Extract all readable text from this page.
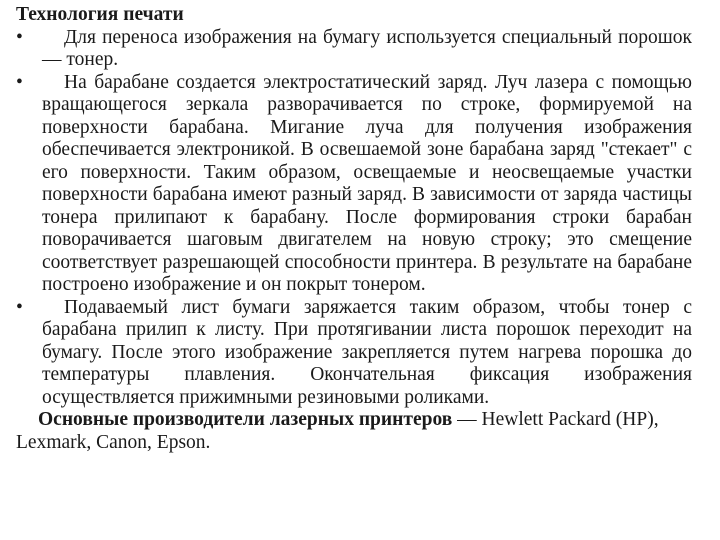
Технология печати
• Для переноса изображения на бумагу используется специальный порошок — тонер.
• На барабане создается электростатический заряд. Луч лазера с помощью вращающегося зеркала разворачивается по строке, формируемой на поверхности барабана. Мигание луча для получения изображения обеспечивается электроникой. В освешаемой зоне барабана заряд "стекает" с его поверхности. Таким образом, освещаемые и неосвещаемые участки поверхности барабана имеют разный заряд. В зависимости от заряда частицы тонера прилипают к барабану. После формирования строки барабан поворачивается шаговым двигателем на новую строку; это смещение соответствует разрешающей способности принтера. В результате на барабане построено изображение и он покрыт тонером.
• Подаваемый лист бумаги заряжается таким образом, чтобы тонер с барабана прилип к листу. При протягивании листа порошок переходит на бумагу. После этого изображение закрепляется путем нагрева порошка до температуры плавления. Окончательная фиксация изображения осуществляется прижимными резиновыми роликами.
Основные производители лазерных принтеров — Hewlett Packard (HP), Lexmark, Canon, Epson.
